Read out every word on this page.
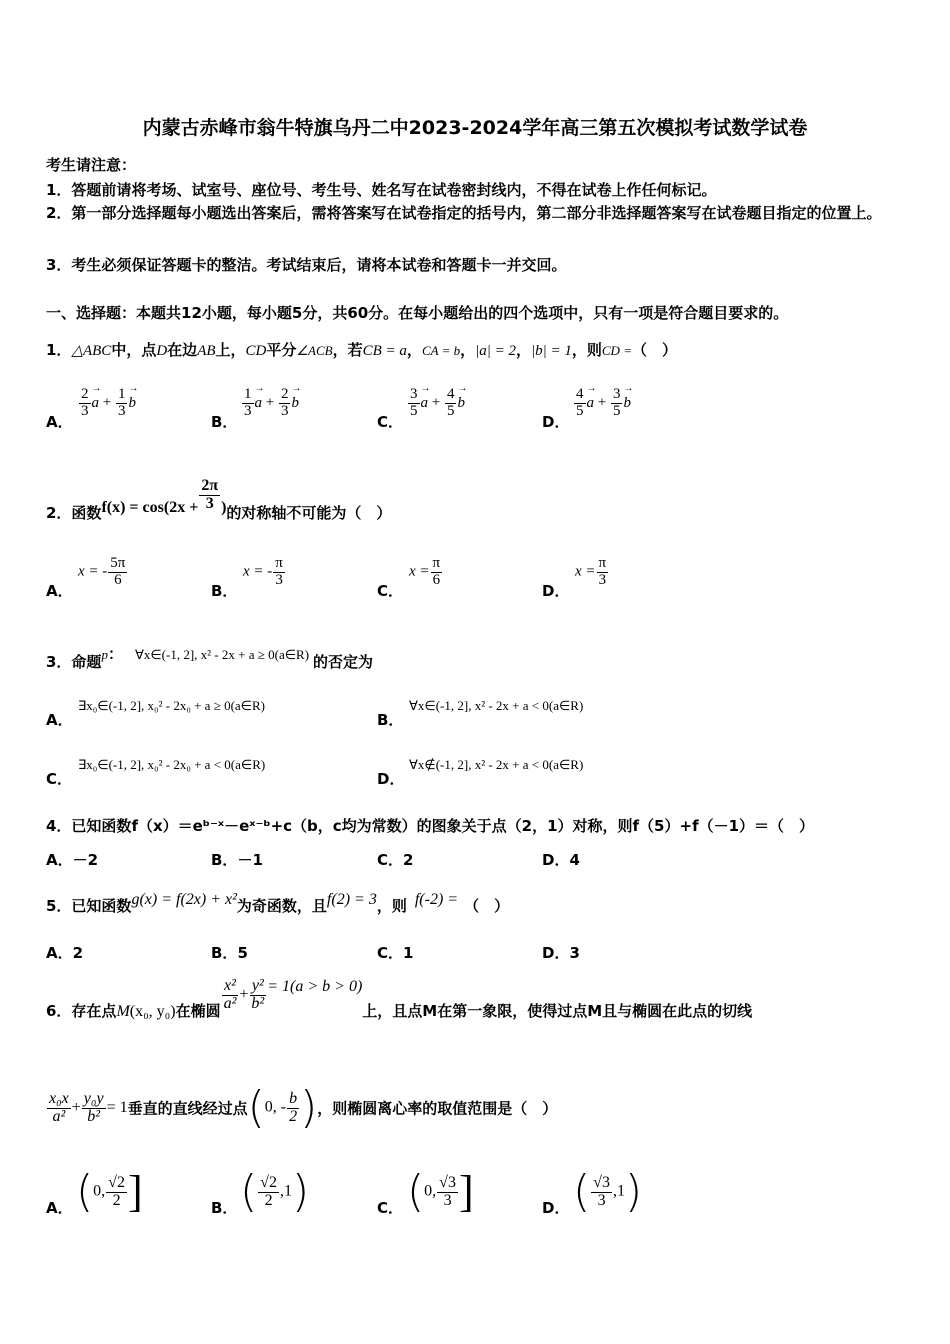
内蒙古赤峰市翁牛特旗乌丹二中2023-2024学年高三第五次模拟考试数学试卷
考生请注意：
1．答题前请将考场、试室号、座位号、考生号、姓名写在试卷密封线内，不得在试卷上作任何标记。
2．第一部分选择题每小题选出答案后，需将答案写在试卷指定的括号内，第二部分非选择题答案写在试卷题目指定的位置上。
3．考生必须保证答题卡的整洁。考试结束后，请将本试卷和答题卡一并交回。
一、选择题：本题共12小题，每小题5分，共60分。在每小题给出的四个选项中，只有一项是符合题目要求的。
1．△ABC中，点D在边AB上，CD平分∠ACB，若CB = a，CA = b，|a| = 2，|b| = 1，则CD =（　）
A．
$\frac{2}{3}$
→ $a + \frac{1}{3}$
→ b
B．
$\frac{1}{3}$
→ $a + \frac{2}{3}$
→ b
C．
$\frac{3}{5}$
→ $a + \frac{4}{5}$
→ b
D．
$\frac{4}{5}$
→ $a + \frac{3}{5}$
→ b
2．函数$f(x) = \cos(2x + \frac{2\pi}{3}$ )的对称轴不可能为（　）
A．
x = - $\frac{5\pi}{6}$
B．
x = - $\frac{\pi}{3}$
C．
$x = \frac{\pi}{6}$
D．
$x = \frac{\pi}{3}$
3．命题p： ∀x∈(-1, 2], x² - 2x + a ≥ 0(a∈R) 的否定为
A．
∃x₀∈(-1, 2], x₀² - 2x₀ + a ≥ 0(a∈R)
B．
∀x∈(-1, 2], x² - 2x + a < 0(a∈R)
C．
∃x₀∈(-1, 2], x₀² - 2x₀ + a < 0(a∈R)
D．
∀x∉(-1, 2], x² - 2x + a < 0(a∈R)
4．已知函数f（x）＝eᵇ⁻ˣ－eˣ⁻ᵇ+c（b，c均为常数）的图象关于点（2，1）对称，则f（5）+f（－1）＝（　）
A．－2	B．－1	C．2	D．4
5．已知函数g(x) = f(2x) + x²为奇函数，且f(2) = 3，则 f(-2) = （　）
A．2	B．5	C．1	D．3
6．存在点M(x₀, y₀)在椭圆 $\frac{\text{x²}}{\text{a²}} + \frac{\text{y²}}{\text{b²}} = 1(a > b > 0)$上，且点M在第一象限，使得过点M且与椭圆在此点的切线
$\frac{\text{x₀x}}{\text{a²}} + \frac{\text{y₀y}}{\text{b²}} = 1$垂直的直线经过点(0, - $\frac{b}{2}$ )，则椭圆离心率的取值范围是（　）
A． (0, $\frac{√2}{2}$ ]	B． ( $\frac{√2}{2} ,1$)	C． (0, $\frac{√3}{3}$ ]	D． ( $\frac{√3}{3} ,1$)
